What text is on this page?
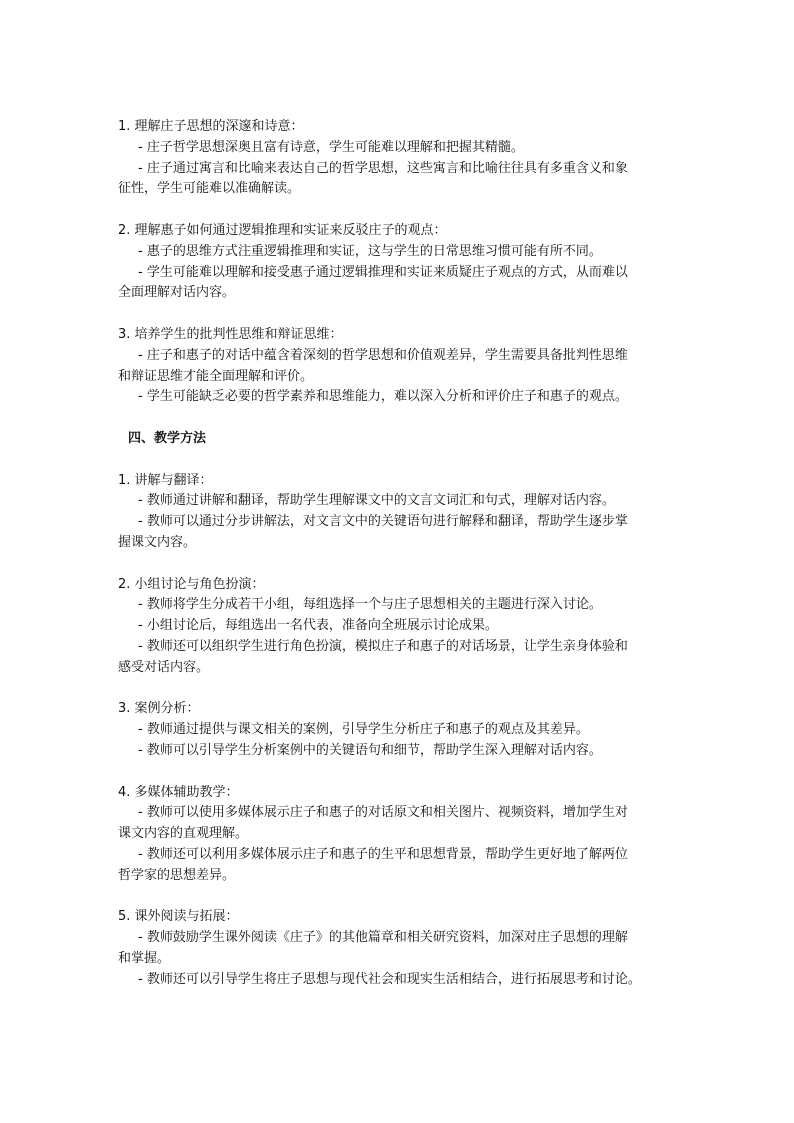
1. 理解庄子思想的深邃和诗意：

- 庄子哲学思想深奥且富有诗意，学生可能难以理解和把握其精髓。

- 庄子通过寓言和比喻来表达自己的哲学思想，这些寓言和比喻往往具有多重含义和象

征性，学生可能难以准确解读。

2. 理解惠子如何通过逻辑推理和实证来反驳庄子的观点：

- 惠子的思维方式注重逻辑推理和实证，这与学生的日常思维习惯可能有所不同。

- 学生可能难以理解和接受惠子通过逻辑推理和实证来质疑庄子观点的方式，从而难以

全面理解对话内容。

3. 培养学生的批判性思维和辩证思维：

- 庄子和惠子的对话中蕴含着深刻的哲学思想和价值观差异，学生需要具备批判性思维

和辩证思维才能全面理解和评价。

- 学生可能缺乏必要的哲学素养和思维能力，难以深入分析和评价庄子和惠子的观点。

四、教学方法

1. 讲解与翻译：

- 教师通过讲解和翻译，帮助学生理解课文中的文言文词汇和句式，理解对话内容。

- 教师可以通过分步讲解法，对文言文中的关键语句进行解释和翻译，帮助学生逐步掌

握课文内容。

2. 小组讨论与角色扮演：

- 教师将学生分成若干小组，每组选择一个与庄子思想相关的主题进行深入讨论。

- 小组讨论后，每组选出一名代表，准备向全班展示讨论成果。

- 教师还可以组织学生进行角色扮演，模拟庄子和惠子的对话场景，让学生亲身体验和

感受对话内容。

3. 案例分析：

- 教师通过提供与课文相关的案例，引导学生分析庄子和惠子的观点及其差异。

- 教师可以引导学生分析案例中的关键语句和细节，帮助学生深入理解对话内容。

4. 多媒体辅助教学：

- 教师可以使用多媒体展示庄子和惠子的对话原文和相关图片、视频资料，增加学生对

课文内容的直观理解。

- 教师还可以利用多媒体展示庄子和惠子的生平和思想背景，帮助学生更好地了解两位

哲学家的思想差异。

5. 课外阅读与拓展：

- 教师鼓励学生课外阅读《庄子》的其他篇章和相关研究资料，加深对庄子思想的理解

和掌握。

- 教师还可以引导学生将庄子思想与现代社会和现实生活相结合，进行拓展思考和讨论。
